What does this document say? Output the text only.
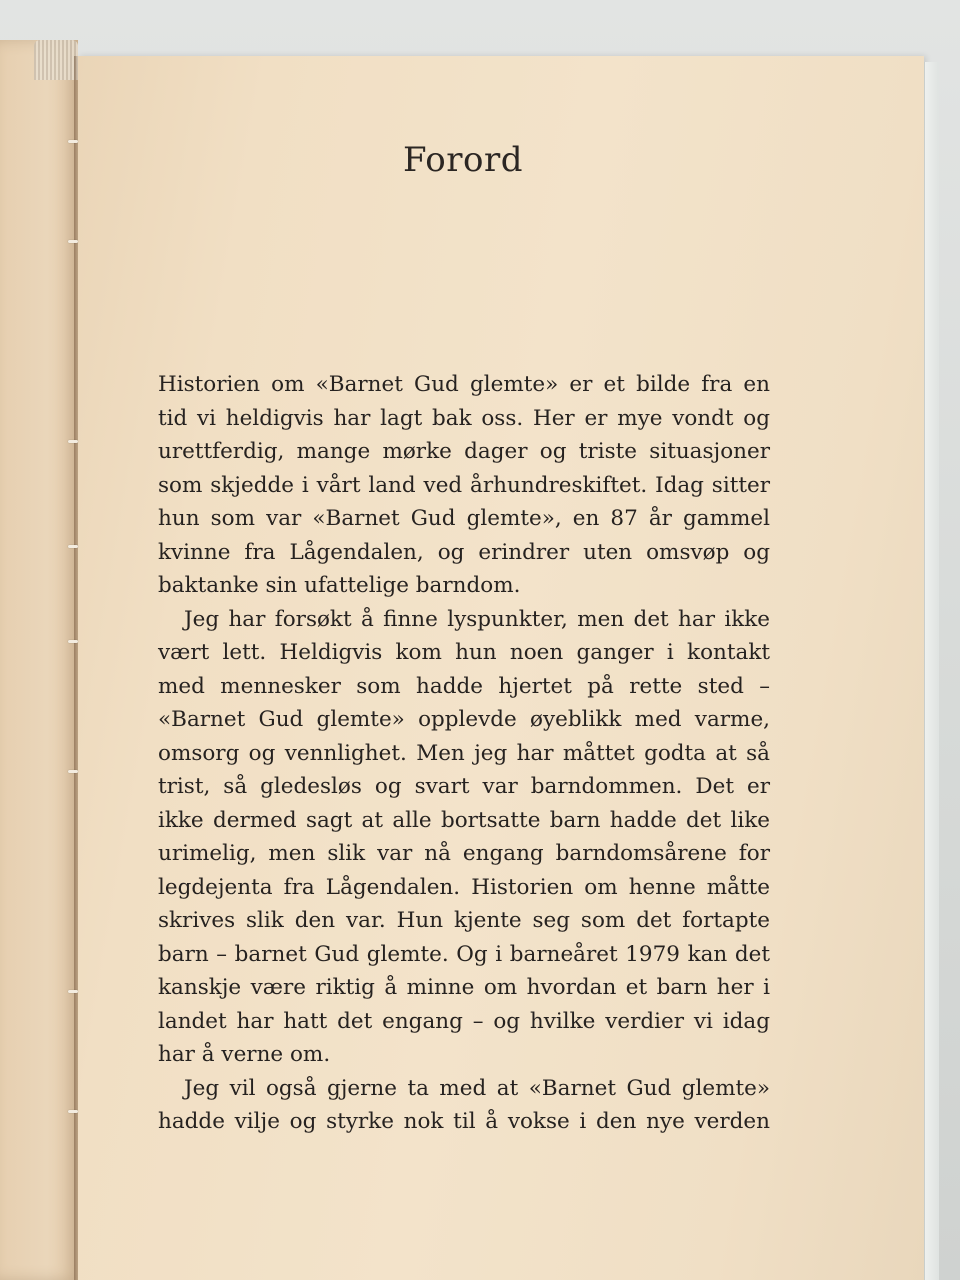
Forord
Historien om «Barnet Gud glemte» er et bilde fra en
tid vi heldigvis har lagt bak oss. Her er mye vondt og
urettferdig, mange mørke dager og triste situasjoner
som skjedde i vårt land ved århundreskiftet. Idag sitter
hun som var «Barnet Gud glemte», en 87 år gammel
kvinne fra Lågendalen, og erindrer uten omsvøp og
baktanke sin ufattelige barndom.
Jeg har forsøkt å finne lyspunkter, men det har ikke
vært lett. Heldigvis kom hun noen ganger i kontakt
med mennesker som hadde hjertet på rette sted –
«Barnet Gud glemte» opplevde øyeblikk med varme,
omsorg og vennlighet. Men jeg har måttet godta at så
trist, så gledesløs og svart var barndommen. Det er
ikke dermed sagt at alle bortsatte barn hadde det like
urimelig, men slik var nå engang barndomsårene for
legdejenta fra Lågendalen. Historien om henne måtte
skrives slik den var. Hun kjente seg som det fortapte
barn – barnet Gud glemte. Og i barneåret 1979 kan det
kanskje være riktig å minne om hvordan et barn her i
landet har hatt det engang – og hvilke verdier vi idag
har å verne om.
Jeg vil også gjerne ta med at «Barnet Gud glemte»
hadde vilje og styrke nok til å vokse i den nye verden
